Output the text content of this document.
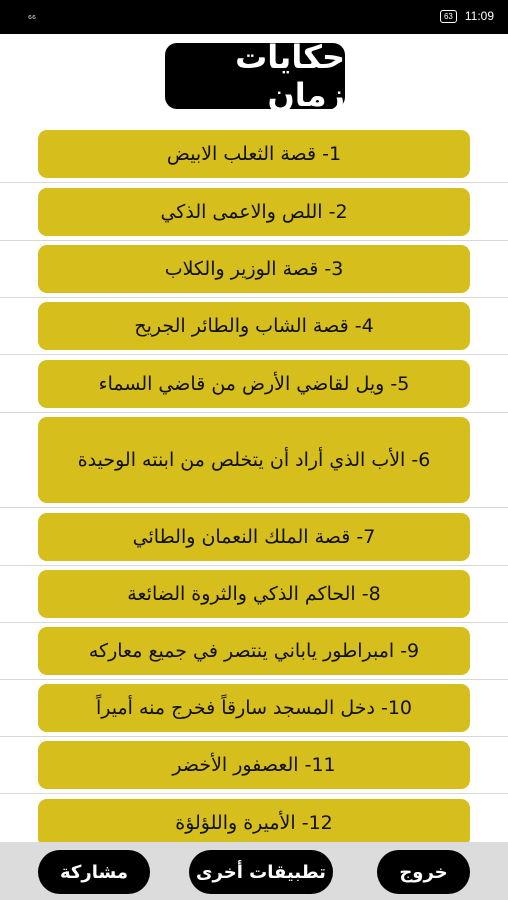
₆₆	63	11:09
حكايات زمان
1- قصة الثعلب الابيض
2- اللص والاعمى الذكي
3- قصة الوزير والكلاب
4- قصة الشاب والطائر الجريح
5- ويل لقاضي الأرض من قاضي السماء
6- الأب الذي أراد أن يتخلص من ابنته الوحيدة
7- قصة الملك النعمان والطائي
8- الحاكم الذكي والثروة الضائعة
9- امبراطور ياباني ينتصر في جميع معاركه
10- دخل المسجد سارقاً فخرج منه أميراً
11- العصفور الأخضر
12- الأميرة واللؤلؤة
مشاركة	تطبيقات أخرى	خروج
